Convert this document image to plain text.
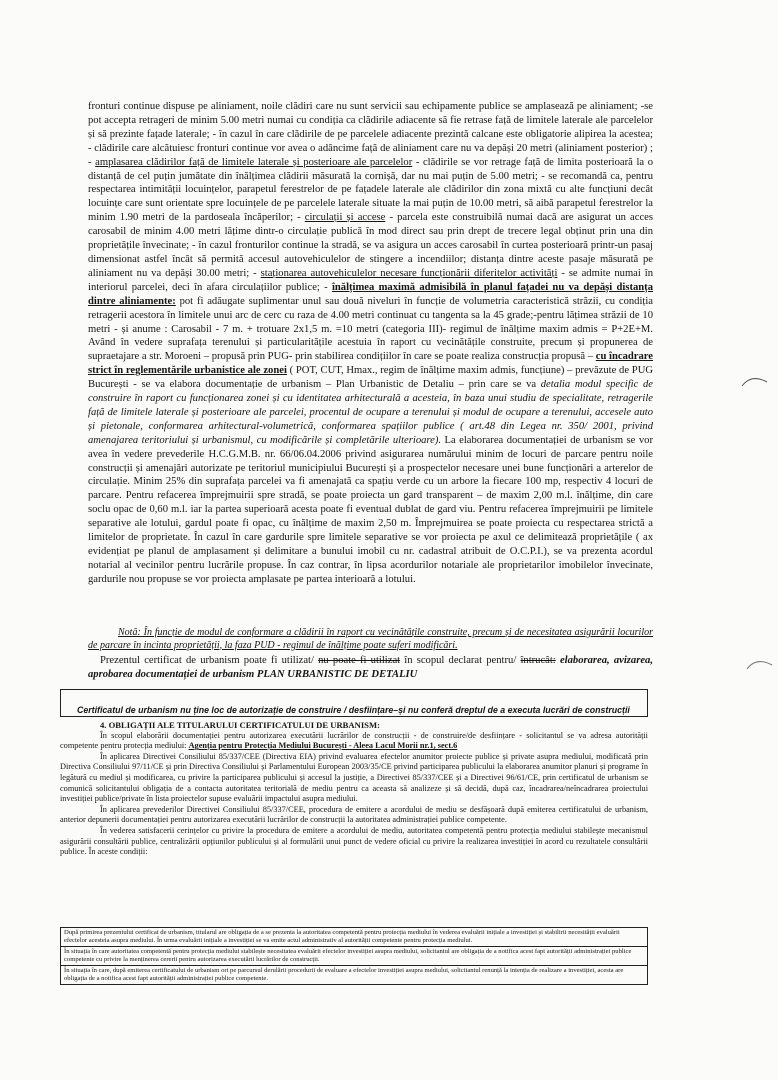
fronturi continue dispuse pe aliniament, noile clădiri care nu sunt servicii sau echipamente publice se amplasează pe aliniament; -se pot accepta retrageri de minim 5.00 metri numai cu condiția ca clădirile adiacente să fie retrase față de limitele laterale ale parcelelor și să prezinte fațade laterale; - în cazul în care clădirile de pe parcelele adiacente prezintă calcane este obligatorie alipirea la acestea; - clădirile care alcătuiesc fronturi continue vor avea o adâncime față de aliniament care nu va depăși 20 metri (aliniament posterior) ; - amplasarea clădirilor față de limitele laterale și posterioare ale parcelelor - clădirile se vor retrage față de limita posterioară la o distanță de cel puțin jumătate din înălțimea clădirii măsurată la cornișă, dar nu mai puțin de 5.00 metri; - se recomandă ca, pentru respectarea intimității locuințelor, parapetul ferestrelor de pe fațadele laterale ale clădirilor din zona mixtă cu alte funcțiuni decât locuințe care sunt orientate spre locuințele de pe parcelele laterale situate la mai puțin de 10.00 metri, să aibă parapetul ferestrelor la minim 1.90 metri de la pardoseala încăperilor; - circulații și accese - parcela este construibilă numai dacă are asigurat un acces carosabil de minim 4.00 metri lățime dintr-o circulație publică în mod direct sau prin drept de trecere legal obținut prin una din proprietățile învecinate; - în cazul fronturilor continue la stradă, se va asigura un acces carosabil în curtea posterioară printr-un pasaj dimensionat astfel încât să permită accesul autovehiculelor de stingere a incendiilor; distanța dintre aceste pasaje măsurată pe aliniament nu va depăși 30.00 metri; - staționarea autovehiculelor necesare funcționării diferitelor activități - se admite numai în interiorul parcelei, deci în afara circulațiilor publice; - înălțimea maximă admisibilă în planul fațadei nu va depăși distanța dintre aliniamente: pot fi adăugate suplimentar unul sau două niveluri în funcție de volumetria caracteristică străzii, cu condiția retragerii acestora în limitele unui arc de cerc cu raza de 4.00 metri continuat cu tangenta sa la 45 grade;-pentru lățimea străzii de 10 metri - și anume : Carosabil - 7 m. + trotuare 2x1,5 m. =10 metri (categoria III)- regimul de înălțime maxim admis = P+2E+M. Având în vedere suprafața terenului și particularitățile acestuia în raport cu vecinătățile construite, precum și propunerea de supraetajare a str. Moroeni – propusă prin PUG- prin stabilirea condițiilor în care se poate realiza construcția propusă – cu încadrare strict în reglementările urbanistice ale zonei ( POT, CUT, Hmax., regim de înălțime maxim admis, funcțiune) – prevăzute de PUG București - se va elabora documentație de urbanism – Plan Urbanistic de Detaliu – prin care se va detalia modul specific de construire în raport cu funcționarea zonei și cu identitatea arhitecturală a acesteia, în baza unui studiu de specialitate, retragerile față de limitele laterale și posterioare ale parcelei, procentul de ocupare a terenului și modul de ocupare a terenului, accesele auto și pietonale, conformarea arhitectural-volumetrică, conformarea spațiilor publice ( art.48 din Legea nr. 350/ 2001, privind amenajarea teritoriului și urbanismul, cu modificările și completările ulterioare). La elaborarea documentației de urbanism se vor avea în vedere prevederile H.C.G.M.B. nr. 66/06.04.2006 privind asigurarea numărului minim de locuri de parcare pentru noile construcții și amenajări autorizate pe teritoriul municipiului București și a prospectelor necesare unei bune funcționări a arterelor de circulație. Minim 25% din suprafața parcelei va fi amenajată ca spațiu verde cu un arbore la fiecare 100 mp, respectiv 4 locuri de parcare. Pentru refacerea împrejmuirii spre stradă, se poate proiecta un gard transparent – de maxim 2,00 m.l. înălțime, din care soclu opac de 0,60 m.l. iar la partea superioară acesta poate fi eventual dublat de gard viu. Pentru refacerea împrejmuirii pe limitele separative ale lotului, gardul poate fi opac, cu înălțime de maxim 2,50 m. Împrejmuirea se poate proiecta cu respectarea strictă a limitelor de proprietate. În cazul în care gardurile spre limitele separative se vor proiecta pe axul ce delimitează proprietățile ( ax evidențiat pe planul de amplasament și delimitare a bunului imobil cu nr. cadastral atribuit de O.C.P.I.), se va prezenta acordul notarial al vecinilor pentru lucrările propuse. În caz contrar, în lipsa acordurilor notariale ale proprietarilor imobilelor învecinate, gardurile nou propuse se vor proiecta amplasate pe partea interioară a lotului.

Notă: În funcție de modul de conformare a clădirii în raport cu vecinătățile construite, precum și de necesitatea asigurării locurilor de parcare în incinta proprietății, la faza PUD - regimul de înălțime poate suferi modificări.

Prezentul certificat de urbanism poate fi utilizat/ nu poate fi utilizat în scopul declarat pentru/ întrucât: elaborarea, avizarea, aprobarea documentației de urbanism PLAN URBANISTIC DE DETALIU

Certificatul de urbanism nu ține loc de autorizație de construire / desființare–și nu conferă dreptul de a executa lucrări de construcții

4. OBLIGAȚII ALE TITULARULUI CERTIFICATULUI DE URBANISM:

În scopul elaborării documentației pentru autorizarea executării lucrărilor de construcții - de construire/de desființare - solicitantul se va adresa autorității competente pentru protecția mediului: Agenția pentru Protecția Mediului București - Aleea Lacul Morii nr.1, sect.6

În aplicarea Directivei Consiliului 85/337/CEE (Directiva EIA) privind evaluarea efectelor anumitor proiecte publice și private asupra mediului, modificată prin Directiva Consiliului 97/11/CE și prin Directiva Consiliului și Parlamentului European 2003/35/CE privind participarea publicului la elaborarea anumitor planuri și programe în legătură cu mediul și modificarea, cu privire la participarea publicului și accesul la justiție, a Directivei 85/337/CEE și a Directivei 96/61/CE, prin certificatul de urbanism se comunică solicitantului obligația de a contacta autoritatea teritorială de mediu pentru ca aceasta să analizeze și să decidă, după caz, încadrarea/neîncadrarea proiectului investiției publice/private în lista proiectelor supuse evaluării impactului asupra mediului.

În aplicarea prevederilor Directivei Consiliului 85/337/CEE, procedura de emitere a acordului de mediu se desfășoară după emiterea certificatului de urbanism, anterior depunerii documentației pentru autorizarea executării lucrărilor de construcții la autoritatea administrației publice competente.

În vederea satisfacerii cerințelor cu privire la procedura de emitere a acordului de mediu, autoritatea competentă pentru protecția mediului stabilește mecanismul asigurării consultării publice, centralizării opțiunilor publicului și al formulării unui punct de vedere oficial cu privire la realizarea investiției în acord cu rezultatele consultării publice. În aceste condiții:

După primirea prezentului certificat de urbanism, titularul are obligația de a se prezenta la autoritatea competentă pentru protecția mediului în vederea evaluării inițiale a investiției și stabilirii necesității evaluării efectelor acesteia asupra mediului. În urma evaluării inițiale a investiției se va emite actul administrativ al autorității competente pentru protecția mediului.
În situația în care autoritatea competentă pentru protecția mediului stabilește necesitatea evaluării efectelor investiției asupra mediului, solicitantul are obligația de a notifica acest fapt autorității administrației publice competente cu privire la menținerea cererii pentru autorizarea executării lucrărilor de construcții.
În situația în care, după emiterea certificatului de urbanism ori pe parcursul derulării procedurii de evaluare a efectelor investiției asupra mediului, solicitantul renunță la intenția de realizare a investiției, acesta are obligația de a notifica acest fapt autorității administrației publice competente.
